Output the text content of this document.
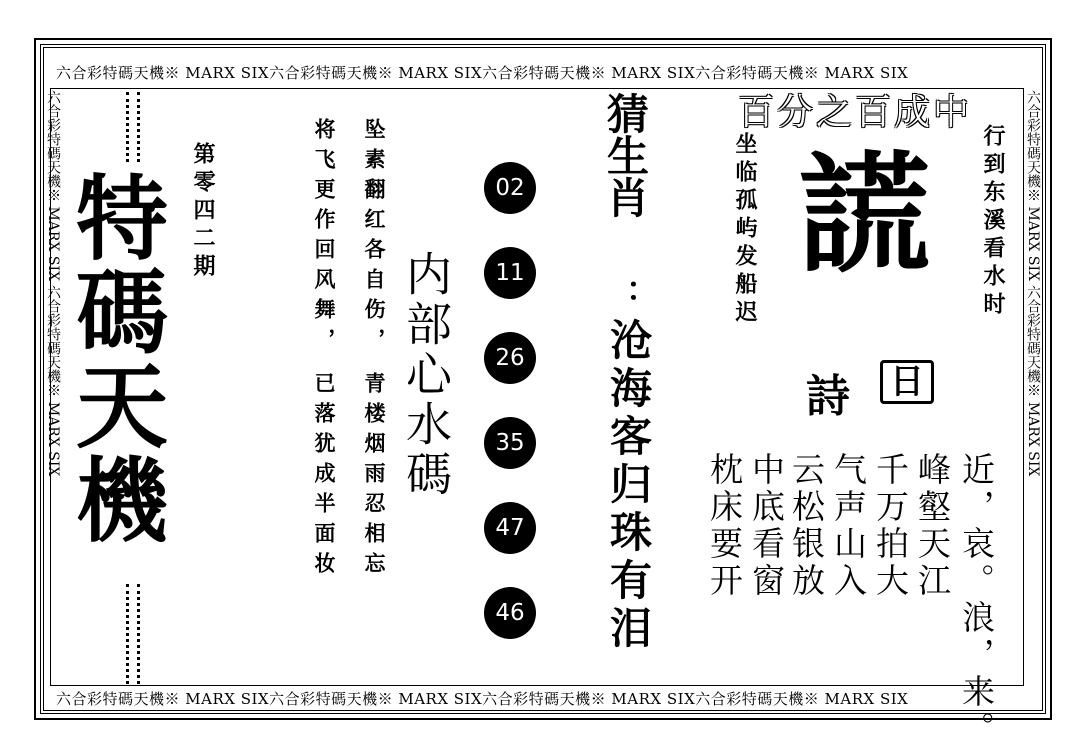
六合彩特碼天機※ MARX SIX六合彩特碼天機※ MARX SIX六合彩特碼天機※ MARX SIX六合彩特碼天機※ MARX SIX
六合彩特碼天機※ MARX SIX六合彩特碼天機※ MARX SIX六合彩特碼天機※ MARX SIX六合彩特碼天機※ MARX SIX
六合彩特碼天機※ MARX SIX 六合彩特碼天機※ MARX SIX	六合彩特碼天機※ MARX SIX 六合彩特碼天機※ MARX SIX
特碼天機 第零四二期	坠素翻红各自伤，
青楼烟雨忍相忘
将飞更作回风舞，
已落犹成半面妆 内部心水碼
02
11
26
35
47
46
猜生肖
：
沧海客归珠有泪
百分之百成中
坐临孤屿发船迟	行到东溪看水时
謊
詩 日
近，哀。浪，来。
峰壑天江
千万拍大
气声山入
云松银放
中底看窗
枕床要开
